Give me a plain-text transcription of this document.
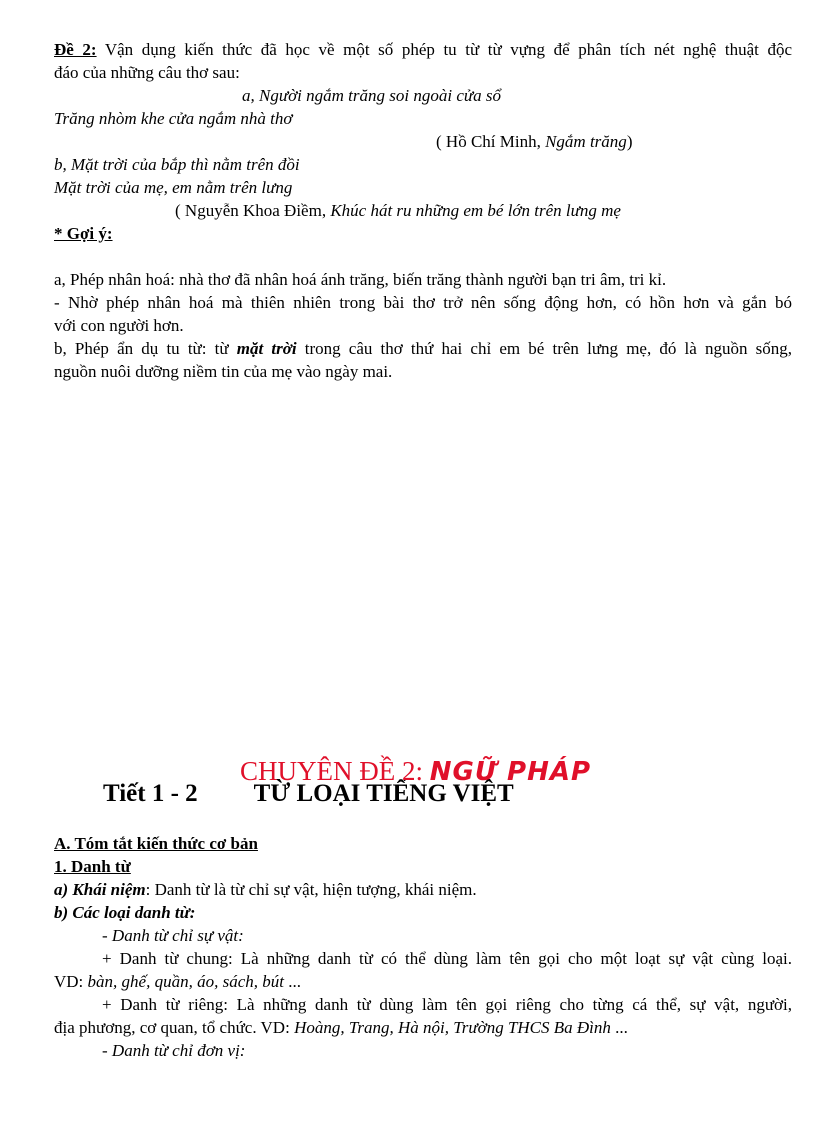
Đề 2: Vận dụng kiến thức đã học về một số phép tu từ từ vựng để phân tích nét nghệ thuật độc
đáo của những câu thơ sau:
a, Người ngắm trăng soi ngoài cửa sổ
Trăng nhòm khe cửa ngắm nhà thơ
( Hồ Chí Minh, Ngắm trăng)
b, Mặt trời của bắp thì nằm trên đồi
Mặt trời của mẹ, em nằm trên lưng
( Nguyễn Khoa Điềm, Khúc hát ru những em bé lớn trên lưng mẹ
* Gợi ý:
a, Phép nhân hoá: nhà thơ đã nhân hoá ánh trăng, biến trăng thành người bạn tri âm, tri kỉ.
- Nhờ phép nhân hoá mà thiên nhiên trong bài thơ trở nên sống động hơn, có hồn hơn và gắn bó
với con người hơn.
b, Phép ẩn dụ tu từ: từ mặt trời trong câu thơ thứ hai chỉ em bé trên lưng mẹ, đó là nguồn sống,
nguồn nuôi dưỡng niềm tin của mẹ vào ngày mai.
Tiết 1 - 2 TỪ LOẠI TIẾNG VIỆT
CHUYÊN ĐỀ 2: NGỮ PHÁP
A. Tóm tắt kiến thức cơ bản
1. Danh từ
a) Khái niệm: Danh từ là từ chỉ sự vật, hiện tượng, khái niệm.
b) Các loại danh từ:
- Danh từ chỉ sự vật:
+ Danh từ chung: Là những danh từ có thể dùng làm tên gọi cho một loạt sự vật cùng loại.
VD: bàn, ghế, quần, áo, sách, bút ...
+ Danh từ riêng: Là những danh từ dùng làm tên gọi riêng cho từng cá thể, sự vật, người,
địa phương, cơ quan, tổ chức. VD: Hoàng, Trang, Hà nội, Trường THCS Ba Đình ...
- Danh từ chỉ đơn vị:
